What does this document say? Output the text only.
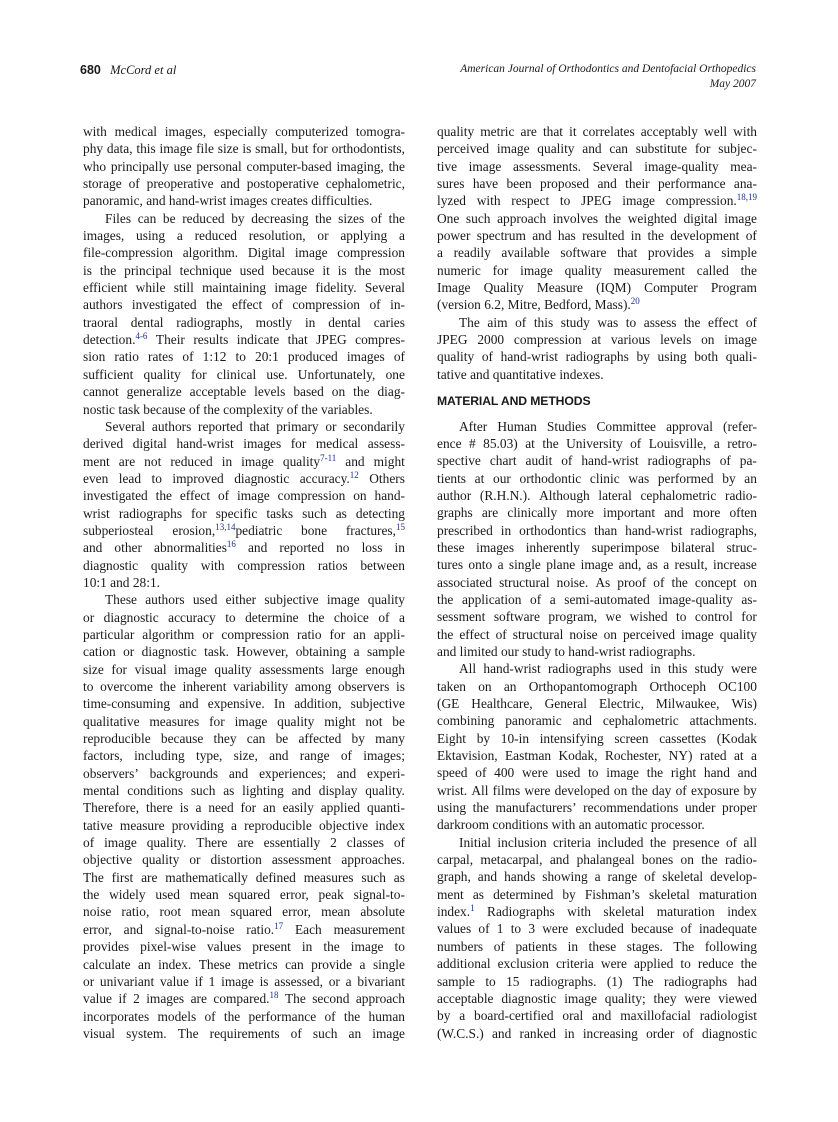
680 McCord et al	American Journal of Orthodontics and Dentofacial Orthopedics
May 2007
with medical images, especially computerized tomogra-
phy data, this image file size is small, but for orthodontists,
who principally use personal computer-based imaging, the
storage of preoperative and postoperative cephalometric,
panoramic, and hand-wrist images creates difficulties.
Files can be reduced by decreasing the sizes of the
images, using a reduced resolution, or applying a
file-compression algorithm. Digital image compression
is the principal technique used because it is the most
efficient while still maintaining image fidelity. Several
authors investigated the effect of compression of in-
traoral dental radiographs, mostly in dental caries
detection.$^{4-6}$ Their results indicate that JPEG compres-
sion ratio rates of 1:12 to 20:1 produced images of
sufficient quality for clinical use. Unfortunately, one
cannot generalize acceptable levels based on the diag-
nostic task because of the complexity of the variables.
Several authors reported that primary or secondarily
derived digital hand-wrist images for medical assess-
ment are not reduced in image quality$^{7-11}$ and might
even lead to improved diagnostic accuracy.$^{12}$ Others
investigated the effect of image compression on hand-
wrist radiographs for specific tasks such as detecting
subperiosteal erosion,$^{13,14}$pediatric bone fractures,$^{15}$
and other abnormalities$^{16}$ and reported no loss in
diagnostic quality with compression ratios between
10:1 and 28:1.
These authors used either subjective image quality
or diagnostic accuracy to determine the choice of a
particular algorithm or compression ratio for an appli-
cation or diagnostic task. However, obtaining a sample
size for visual image quality assessments large enough
to overcome the inherent variability among observers is
time-consuming and expensive. In addition, subjective
qualitative measures for image quality might not be
reproducible because they can be affected by many
factors, including type, size, and range of images;
observers’ backgrounds and experiences; and experi-
mental conditions such as lighting and display quality.
Therefore, there is a need for an easily applied quanti-
tative measure providing a reproducible objective index
of image quality. There are essentially 2 classes of
objective quality or distortion assessment approaches.
The first are mathematically defined measures such as
the widely used mean squared error, peak signal-to-
noise ratio, root mean squared error, mean absolute
error, and signal-to-noise ratio.$^{17}$ Each measurement
provides pixel-wise values present in the image to
calculate an index. These metrics can provide a single
or univariant value if 1 image is assessed, or a bivariant
value if 2 images are compared.$^{18}$ The second approach
incorporates models of the performance of the human
visual system. The requirements of such an image
quality metric are that it correlates acceptably well with
perceived image quality and can substitute for subjec-
tive image assessments. Several image-quality mea-
sures have been proposed and their performance ana-
lyzed with respect to JPEG image compression.$^{18,19}$
One such approach involves the weighted digital image
power spectrum and has resulted in the development of
a readily available software that provides a simple
numeric for image quality measurement called the
Image Quality Measure (IQM) Computer Program
(version 6.2, Mitre, Bedford, Mass).$^{20}$
The aim of this study was to assess the effect of
JPEG 2000 compression at various levels on image
quality of hand-wrist radiographs by using both quali-
tative and quantitative indexes.
MATERIAL AND METHODS
After Human Studies Committee approval (refer-
ence # 85.03) at the University of Louisville, a retro-
spective chart audit of hand-wrist radiographs of pa-
tients at our orthodontic clinic was performed by an
author (R.H.N.). Although lateral cephalometric radio-
graphs are clinically more important and more often
prescribed in orthodontics than hand-wrist radiographs,
these images inherently superimpose bilateral struc-
tures onto a single plane image and, as a result, increase
associated structural noise. As proof of the concept on
the application of a semi-automated image-quality as-
sessment software program, we wished to control for
the effect of structural noise on perceived image quality
and limited our study to hand-wrist radiographs.
All hand-wrist radiographs used in this study were
taken on an Orthopantomograph Orthoceph OC100
(GE Healthcare, General Electric, Milwaukee, Wis)
combining panoramic and cephalometric attachments.
Eight by 10-in intensifying screen cassettes (Kodak
Ektavision, Eastman Kodak, Rochester, NY) rated at a
speed of 400 were used to image the right hand and
wrist. All films were developed on the day of exposure by
using the manufacturers’ recommendations under proper
darkroom conditions with an automatic processor.
Initial inclusion criteria included the presence of all
carpal, metacarpal, and phalangeal bones on the radio-
graph, and hands showing a range of skeletal develop-
ment as determined by Fishman’s skeletal maturation
index.$^1$ Radiographs with skeletal maturation index
values of 1 to 3 were excluded because of inadequate
numbers of patients in these stages. The following
additional exclusion criteria were applied to reduce the
sample to 15 radiographs. (1) The radiographs had
acceptable diagnostic image quality; they were viewed
by a board-certified oral and maxillofacial radiologist
(W.C.S.) and ranked in increasing order of diagnostic
